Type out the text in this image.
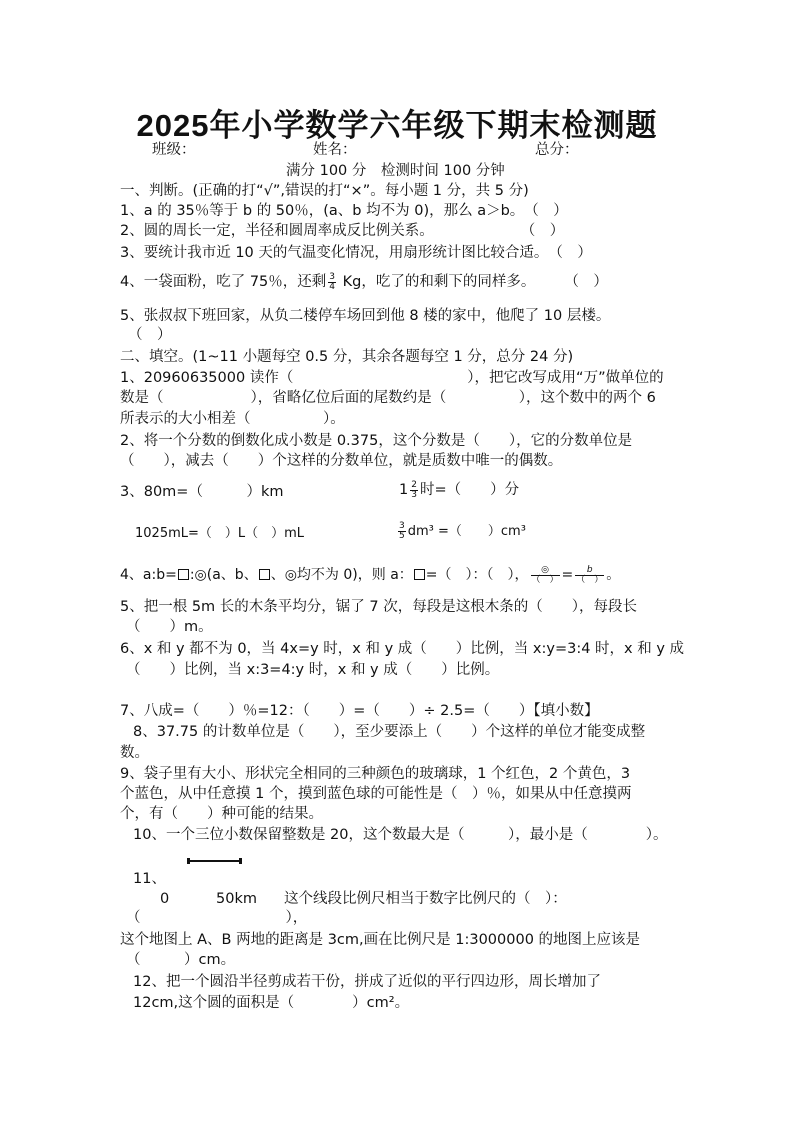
2025年小学数学六年级下期末检测题
班级：	姓名：	总分：
满分 100 分　检测时间 100 分钟
一、判断。(正确的打“√”,错误的打“×”。每小题 1 分，共 5 分)
1、a 的 35％等于 b 的 50％，(a、b 均不为 0)，那么 a＞b。　（　）
2、圆的周长一定，半径和圆周率成反比例关系。　　　　　　　（　）
3、要统计我市近 10 天的气温变化情况，用扇形统计图比较合适。　（　）
4、一袋面粉，吃了 75％，还剩 $\frac{3}{4}$ Kg，吃了的和剩下的同样多。　　　（　）
5、张叔叔下班回家，从负二楼停车场回到他 8 楼的家中，他爬了 10 层楼。
（　）
二、填空。(1~11 小题每空 0.5 分，其余各题每空 1 分，总分 24 分)
1、20960635000 读作（　　　　　　　　　　　　），把它改写成用“万”做单位的
数是（　　　　　　），省略亿位后面的尾数约是（　　　　　），这个数中的两个 6
所表示的大小相差（　　　　　）。
2、将一个分数的倒数化成小数是 0.375，这个分数是（　　），它的分数单位是
（　　），减去（　　）个这样的分数单位，就是质数中唯一的偶数。
3、80m=（　　　）km	$1 \frac{2}{3}$ 时=（　　）分
1025mL=（　）L（　）mL	$\frac{3}{5} dm^3$ =（　　）cm³
4、a:b= :◎(a、b、 、◎均不为 0)，则 a： =（　）：（　）， $\frac{◎}{( )} = \frac{b}{( )}$ 。
5、把一根 5m 长的木条平均分，锯了 7 次，每段是这根木条的（　　），每段长
（　　）m。
6、x 和 y 都不为 0，当 4x=y 时，x 和 y 成（　　）比例，当 x:y=3:4 时，x 和 y 成
（　　）比例，当 x:3=4:y 时，x 和 y 成（　　）比例。
7、八成=（　　）％=12：（　　）=（　　）÷ 2.5=（　　）【填小数】
8、37.75 的计数单位是（　　），至少要添上（　　）个这样的单位才能变成整
数。
9、袋子里有大小、形状完全相同的三种颜色的玻璃球，1 个红色，2 个黄色，3
个蓝色，从中任意摸 1 个，摸到蓝色球的可能性是（　）％，如果从中任意摸两
个，有（　　）种可能的结果。
10、一个三位小数保留整数是 20，这个数最大是（　　　），最小是（　　　　）。
11、
0	50km 这个线段比例尺相当于数字比例尺的（　）：
（　　　　　　　　　　），
这个地图上 A、B 两地的距离是 3cm,画在比例尺是 1:3000000 的地图上应该是
（　　　）cm。
12、把一个圆沿半径剪成若干份，拼成了近似的平行四边形，周长增加了
12cm,这个圆的面积是（　　　　）cm²。
